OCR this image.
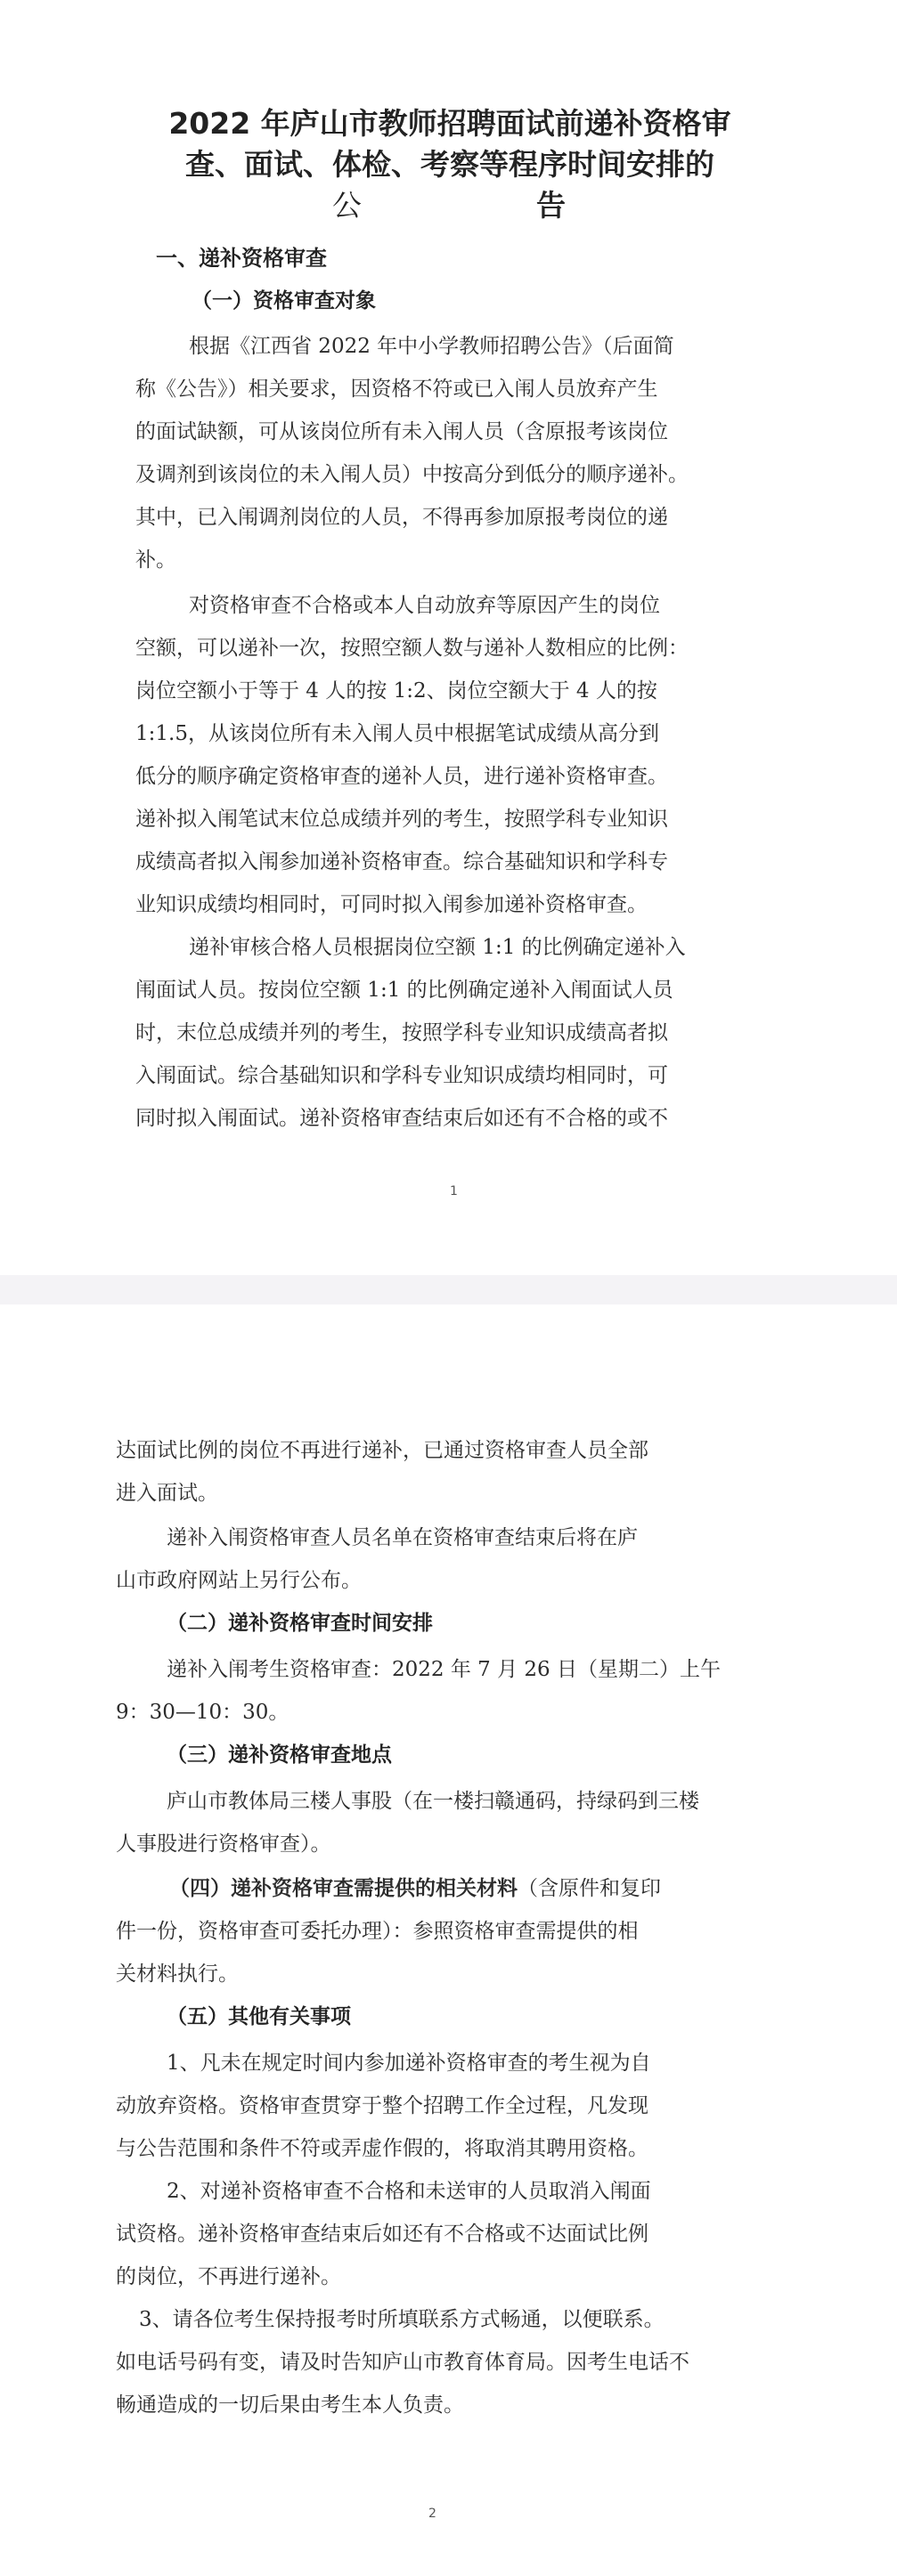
2022 年庐山市教师招聘面试前递补资格审
查、面试、体检、考察等程序时间安排的
公	告
一、递补资格审查
（一）资格审查对象

根据《江西省 2022 年中小学教师招聘公告》（后面简

称《公告》）相关要求，因资格不符或已入闱人员放弃产生

的面试缺额，可从该岗位所有未入闱人员（含原报考该岗位

及调剂到该岗位的未入闱人员）中按高分到低分的顺序递补。

其中，已入闱调剂岗位的人员，不得再参加原报考岗位的递

补。

对资格审查不合格或本人自动放弃等原因产生的岗位

空额，可以递补一次，按照空额人数与递补人数相应的比例：

岗位空额小于等于 4 人的按 1:2、岗位空额大于 4 人的按

1:1.5，从该岗位所有未入闱人员中根据笔试成绩从高分到

低分的顺序确定资格审查的递补人员，进行递补资格审查。

递补拟入闱笔试末位总成绩并列的考生，按照学科专业知识

成绩高者拟入闱参加递补资格审查。综合基础知识和学科专

业知识成绩均相同时，可同时拟入闱参加递补资格审查。

递补审核合格人员根据岗位空额 1:1 的比例确定递补入

闱面试人员。按岗位空额 1:1 的比例确定递补入闱面试人员

时，末位总成绩并列的考生，按照学科专业知识成绩高者拟

入闱面试。综合基础知识和学科专业知识成绩均相同时，可

同时拟入闱面试。递补资格审查结束后如还有不合格的或不

1

达面试比例的岗位不再进行递补，已通过资格审查人员全部

进入面试。

递补入闱资格审查人员名单在资格审查结束后将在庐

山市政府网站上另行公布。

（二）递补资格审查时间安排

递补入闱考生资格审查：2022 年 7 月 26 日（星期二）上午

9：30—10：30。

（三）递补资格审查地点

庐山市教体局三楼人事股（在一楼扫赣通码，持绿码到三楼

人事股进行资格审查）。

（四）递补资格审查需提供的相关材料（含原件和复印

件一份，资格审查可委托办理）：参照资格审查需提供的相

关材料执行。

（五）其他有关事项

1、凡未在规定时间内参加递补资格审查的考生视为自

动放弃资格。资格审查贯穿于整个招聘工作全过程，凡发现

与公告范围和条件不符或弄虚作假的，将取消其聘用资格。

2、对递补资格审查不合格和未送审的人员取消入闱面

试资格。递补资格审查结束后如还有不合格或不达面试比例

的岗位，不再进行递补。

3、请各位考生保持报考时所填联系方式畅通，以便联系。

如电话号码有变，请及时告知庐山市教育体育局。因考生电话不

畅通造成的一切后果由考生本人负责。

2
